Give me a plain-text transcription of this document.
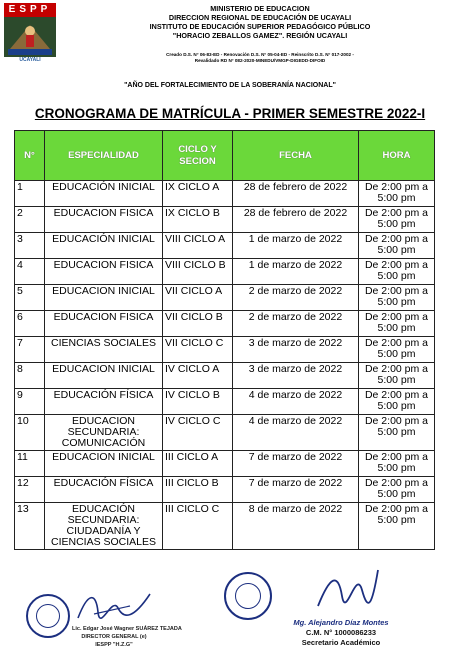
ESPP
UCAYALI
MINISTERIO DE EDUCACION
DIRECCION REGIONAL DE EDUCACIÓN DE UCAYALI
INSTITUTO DE EDUCACIÓN SUPERIOR PEDAGÓGICO PÚBLICO
"HORACIO ZEBALLOS GAMEZ". REGIÓN UCAYALI
Creado D.S. N° 06-83-ED - Renovación D.S. N° 05-04-ED - Reinscrito D.S. N° 017-2002 -
Revalidado RD N° 082-2020-MINEDU/VMGP-DIGEDD-DIFOID
"AÑO DEL FORTALECIMIENTO DE LA SOBERANÍA NACIONAL"
CRONOGRAMA DE MATRÍCULA - PRIMER SEMESTRE 2022-I
N°	ESPECIALIDAD	CICLO Y SECION	FECHA	HORA
1	EDUCACIÓN INICIAL	IX CICLO A	28 de febrero de 2022	De 2:00 pm a 5:00 pm
2	EDUCACION FISICA	IX CICLO B	28 de febrero de 2022	De 2:00 pm a 5:00 pm
3	EDUCACIÓN INICIAL	VIII CICLO A	1 de marzo de 2022	De 2:00 pm a 5:00 pm
4	EDUCACION FISICA	VIII CICLO B	1 de marzo de 2022	De 2:00 pm a 5:00 pm
5	EDUCACION INICIAL	VII CICLO A	2 de marzo de 2022	De 2:00 pm a 5:00 pm
6	EDUCACION FISICA	VII CICLO B	2 de marzo de 2022	De 2:00 pm a 5:00 pm
7	CIENCIAS SOCIALES	VII CICLO C	3 de marzo de 2022	De 2:00 pm a 5:00 pm
8	EDUCACION INICIAL	IV CICLO A	3 de marzo de 2022	De 2:00 pm a 5:00 pm
9	EDUCACIÓN FÍSICA	IV CICLO B	4 de marzo de 2022	De 2:00 pm a 5:00 pm
10	EDUCACION SECUNDARIA: COMUNICACIÓN	IV CICLO C	4 de marzo de 2022	De 2:00 pm a 5:00 pm
11	EDUCACION INICIAL	III CICLO A	7 de marzo de 2022	De 2:00 pm a 5:00 pm
12	EDUCACIÓN FÍSICA	III CICLO B	7 de marzo de 2022	De 2:00 pm a 5:00 pm
13	EDUCACIÓN SECUNDARIA: CIUDADANÍA Y CIENCIAS SOCIALES	III CICLO C	8 de marzo de 2022	De 2:00 pm a 5:00 pm
Lic. Edgar José Wagner SUÁREZ TEJADA
DIRECTOR GENERAL (e)
IESPP "H.Z.G"
Mg. Alejandro Díaz Montes
C.M. N° 1000086233
Secretario Académico
